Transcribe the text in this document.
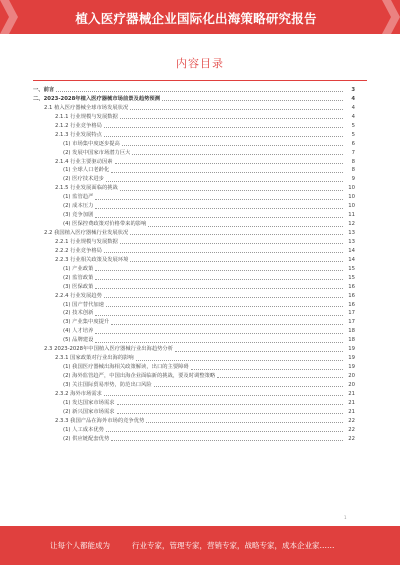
植入医疗器械企业国际化出海策略研究报告
内容目录
一、前言	3
二、2023-2028年植入医疗器械市场前景及趋势预测	4
2.1 植入医疗器械全球市场发展状况	4
2.1.1 行业规模与发展数据	4
2.1.2 行业竞争格局	5
2.1.3 行业发展特点	5
(1) 市场集中度逐步提高	6
(2) 发展中国家市场潜力巨大	7
2.1.4 行业主要驱动因素	8
(1) 全球人口老龄化	8
(2) 医疗技术进步	9
2.1.5 行业发展面临的挑战	10
(1) 监管趋严	10
(2) 成本压力	10
(3) 竞争加剧	11
(4) 医保控费政策对价格带来的影响	12
2.2 我国植入医疗器械行业发展状况	13
2.2.1 行业规模与发展数据	13
2.2.2 行业竞争格局	14
2.2.3 行业相关政策及发展环境	14
(1) 产业政策	15
(2) 监管政策	15
(3) 医保政策	16
2.2.4 行业发展趋势	16
(1) 国产替代加速	16
(2) 技术创新	17
(3) 产业集中度提升	17
(4) 人才培养	18
(5) 品牌建设	18
2.3 2023-2028年中国植入医疗器械行业出海趋势分析	19
2.3.1 国家政策对行业出海的影响	19
(1) 我国医疗器械出海相关政策解读，出口的主要障碍	19
(2) 海外监管趋严，中国出海企业面临新的挑战，要及时调整策略	20
(3) 关注国际贸易形势，防范出口风险	20
2.3.2 海外市场需求	21
(1) 发达国家市场需求	21
(2) 新兴国家市场需求	21
2.3.3 我国产品在海外市场的竞争优势	22
(1) 人工成本优势	22
(2) 供应链配套优势	22
1
让每个人都能成为	行业专家，管理专家，营销专家，战略专家，成本企业家……
